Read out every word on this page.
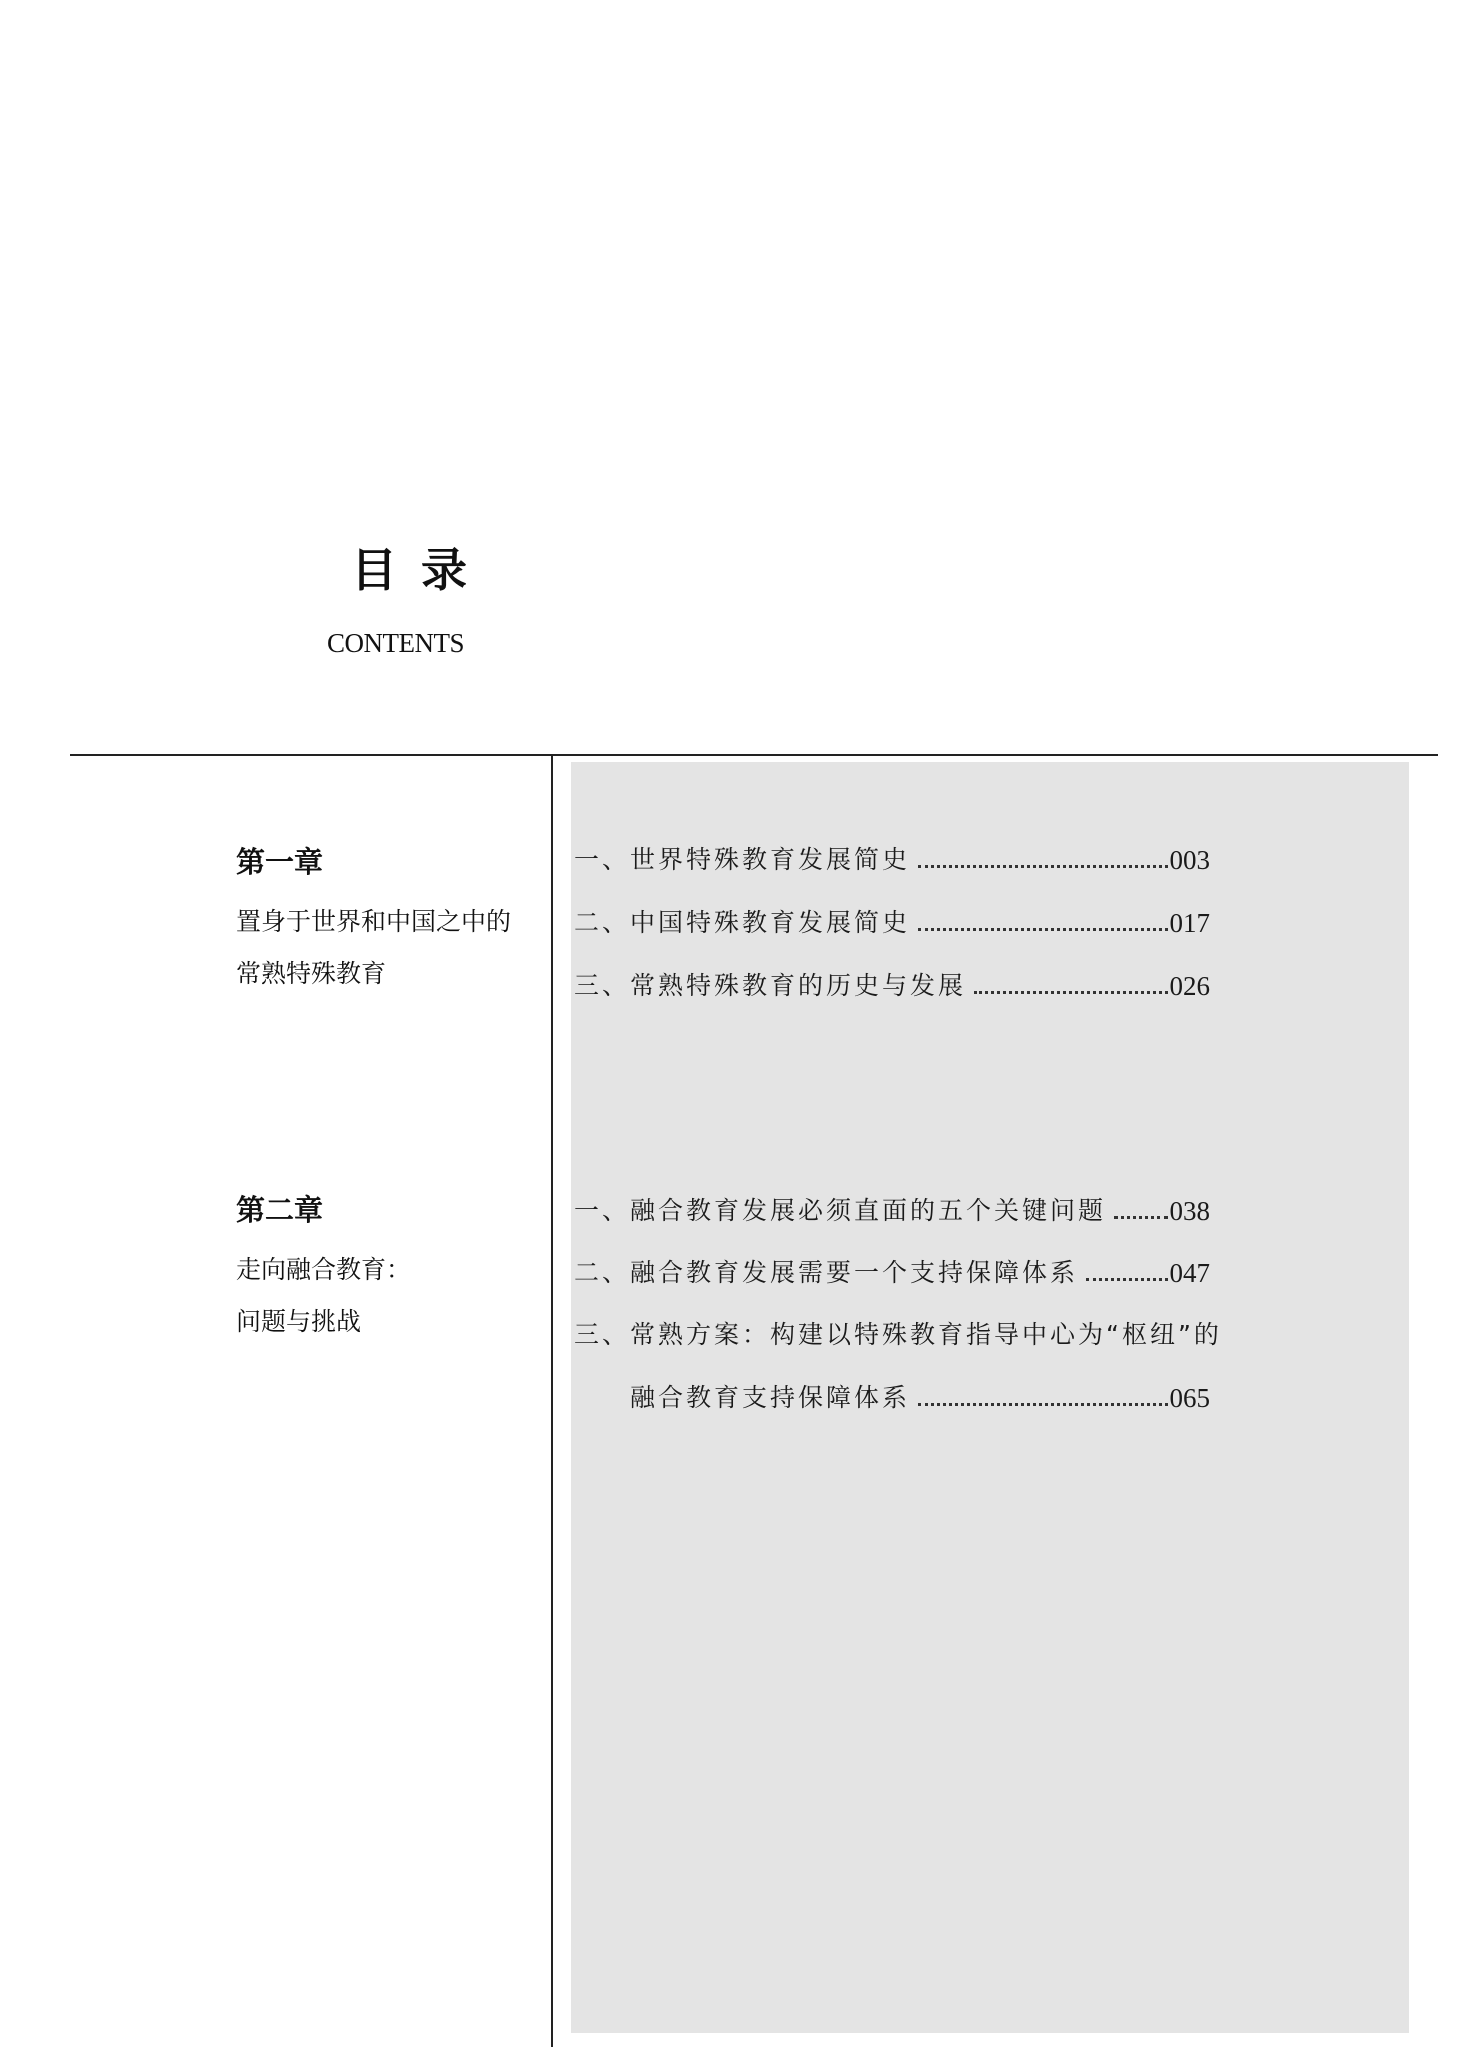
目 录
CONTENTS
第一章
置身于世界和中国之中的
常熟特殊教育
一、 世界特殊教育发展简史	003
二、 中国特殊教育发展简史	017
三、 常熟特殊教育的历史与发展	026
第二章
走向融合教育：
问题与挑战
一、 融合教育发展必须直面的五个关键问题 038
二、 融合教育发展需要一个支持保障体系	047
三、 常熟方案：构建以特殊教育指导中心为“枢纽”的
融合教育支持保障体系	065
